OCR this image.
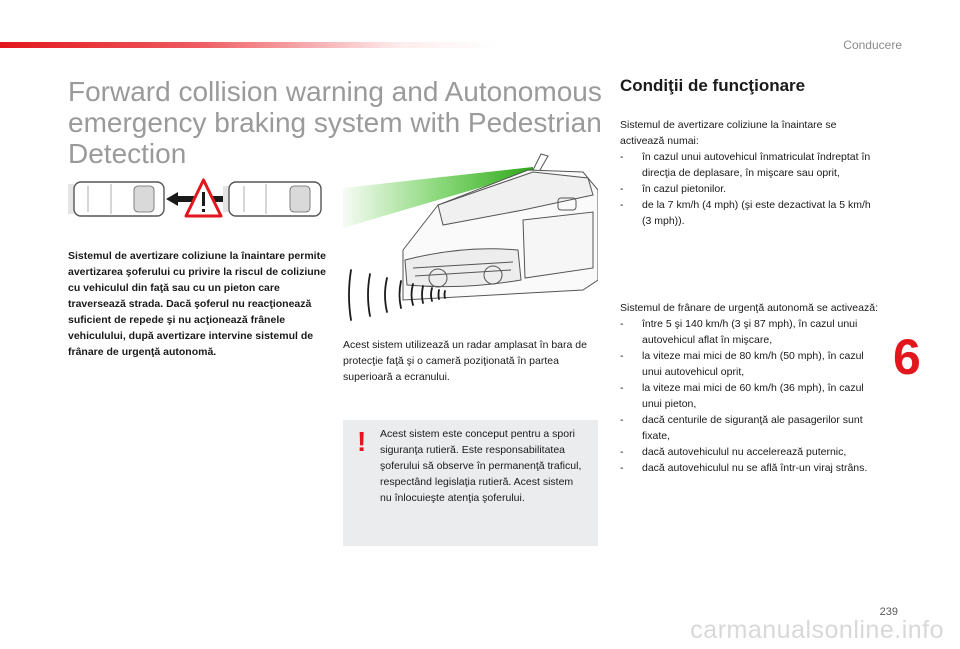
Conducere
Forward collision warning and Autonomous emergency braking system with Pedestrian Detection

Sistemul de avertizare coliziune la înaintare permite avertizarea şoferului cu privire la riscul de coliziune cu vehiculul din faţă sau cu un pieton care traversează strada. Dacă şoferul nu reacţionează suficient de repede şi nu acţionează frânele vehiculului, după avertizare intervine sistemul de frânare de urgenţă autonomă.

Acest sistem utilizează un radar amplasat în bara de protecţie faţă şi o cameră poziţionată în partea superioară a ecranului.

! Acest sistem este conceput pentru a spori siguranţa rutieră. Este responsabilitatea şoferului să observe în permanenţă traficul, respectând legislaţia rutieră. Acest sistem nu înlocuieşte atenţia şoferului.

Condiţii de funcţionare

Sistemul de avertizare coliziune la înaintare se activează numai:

- în cazul unui autovehicul înmatriculat îndreptat în direcţia de deplasare, în mişcare sau oprit,
- în cazul pietonilor.
- de la 7 km/h (4 mph) (şi este dezactivat la 5 km/h (3 mph)).

Sistemul de frânare de urgenţă autonomă se activează:

- între 5 şi 140 km/h (3 şi 87 mph), în cazul unui autovehicul aflat în mişcare,
- la viteze mai mici de 80 km/h (50 mph), în cazul unui autovehicul oprit,
- la viteze mai mici de 60 km/h (36 mph), în cazul unui pieton,
- dacă centurile de siguranţă ale pasagerilor sunt fixate,
- dacă autovehiculul nu accelerează puternic,
- dacă autovehiculul nu se află într-un viraj strâns.
6
239
carmanualsonline.info
